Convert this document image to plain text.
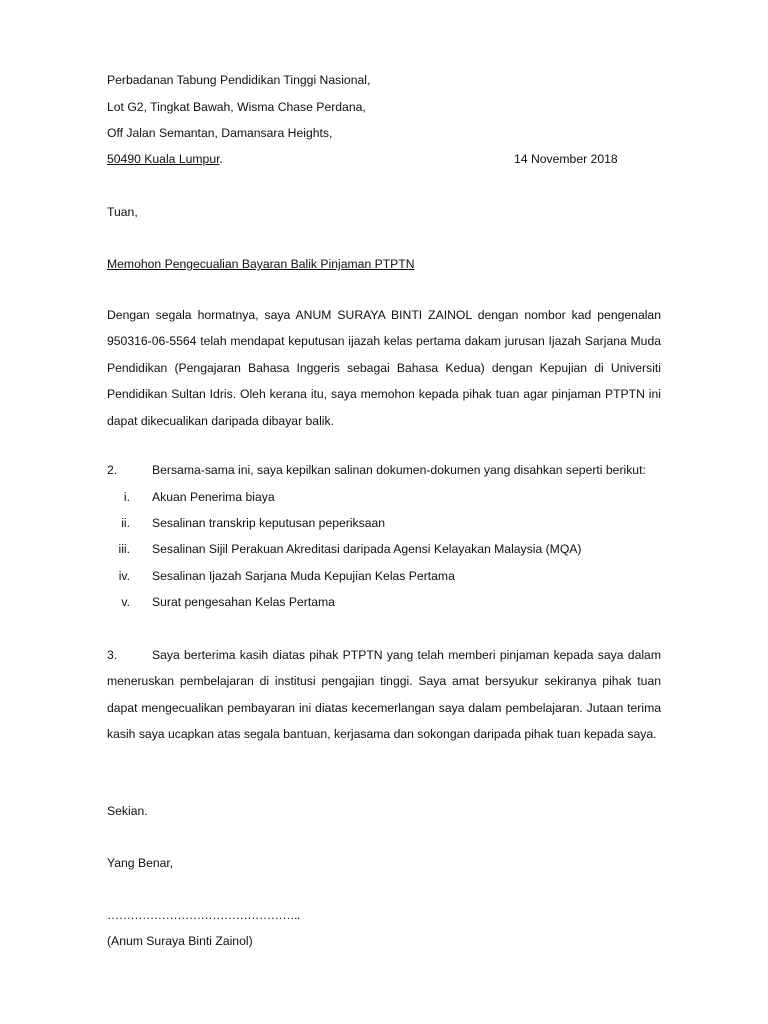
Perbadanan Tabung Pendidikan Tinggi Nasional,
Lot G2, Tingkat Bawah, Wisma Chase Perdana,
Off Jalan Semantan, Damansara Heights,
50490 Kuala Lumpur.	14 November 2018
Tuan,
Memohon Pengecualian Bayaran Balik Pinjaman PTPTN
Dengan segala hormatnya, saya ANUM SURAYA BINTI ZAINOL dengan nombor kad pengenalan 950316-06-5564 telah mendapat keputusan ijazah kelas pertama dakam jurusan Ijazah Sarjana Muda Pendidikan (Pengajaran Bahasa Inggeris sebagai Bahasa Kedua) dengan Kepujian di Universiti Pendidikan Sultan Idris. Oleh kerana itu, saya memohon kepada pihak tuan agar pinjaman PTPTN ini dapat dikecualikan daripada dibayar balik.
2.	Bersama-sama ini, saya kepilkan salinan dokumen-dokumen yang disahkan seperti berikut:
i. Akuan Penerima biaya
ii. Sesalinan transkrip keputusan peperiksaan
iii. Sesalinan Sijil Perakuan Akreditasi daripada Agensi Kelayakan Malaysia (MQA)
iv. Sesalinan Ijazah Sarjana Muda Kepujian Kelas Pertama
v. Surat pengesahan Kelas Pertama
3.	Saya berterima kasih diatas pihak PTPTN yang telah memberi pinjaman kepada saya dalam meneruskan pembelajaran di institusi pengajian tinggi. Saya amat bersyukur sekiranya pihak tuan dapat mengecualikan pembayaran ini diatas kecemerlangan saya dalam pembelajaran. Jutaan terima kasih saya ucapkan atas segala bantuan, kerjasama dan sokongan daripada pihak tuan kepada saya.
Sekian.
Yang Benar,
…………………………………………..
(Anum Suraya Binti Zainol)
